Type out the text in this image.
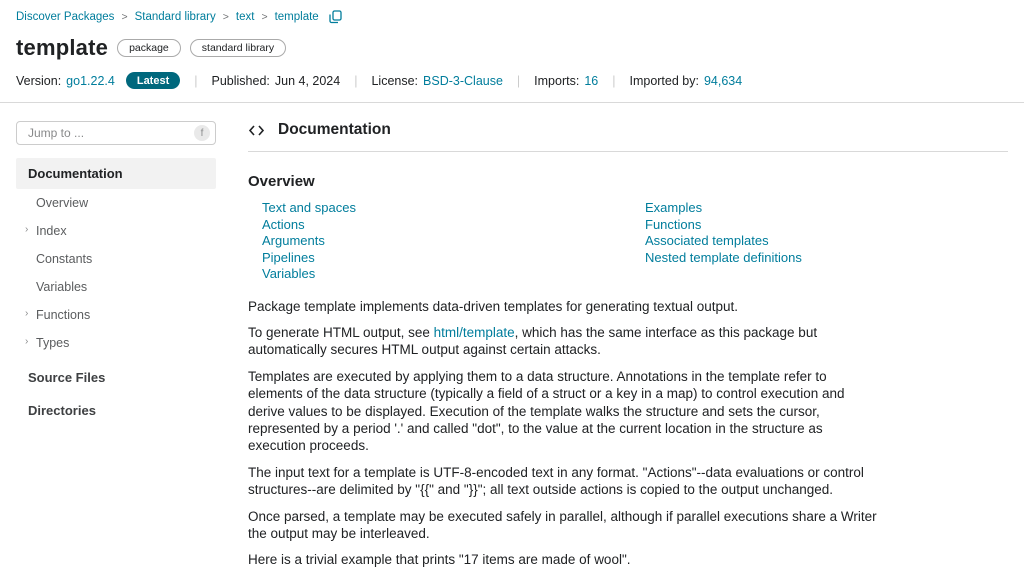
Discover Packages > Standard library > text > template
template	package	standard library
Version: go1.22.4	Latest	| Published: Jun 4, 2024 | License: BSD-3-Clause | Imports: 16 | Imported by: 94,634
Jump to ...
f
Documentation
Overview
› Index
Constants
Variables
› Functions
› Types
Source Files
Directories
Documentation
Overview
Text and spaces
Actions
Arguments
Pipelines
Variables
Examples
Functions
Associated templates
Nested template definitions

Package template implements data-driven templates for generating textual output.

To generate HTML output, see html/template, which has the same interface as this package but automatically secures HTML output against certain attacks.

Templates are executed by applying them to a data structure. Annotations in the template refer to elements of the data structure (typically a field of a struct or a key in a map) to control execution and derive values to be displayed. Execution of the template walks the structure and sets the cursor, represented by a period '.' and called "dot", to the value at the current location in the structure as execution proceeds.

The input text for a template is UTF-8-encoded text in any format. "Actions"--data evaluations or control structures--are delimited by "{{" and "}}"; all text outside actions is copied to the output unchanged.

Once parsed, a template may be executed safely in parallel, although if parallel executions share a Writer the output may be interleaved.

Here is a trivial example that prints "17 items are made of wool".
